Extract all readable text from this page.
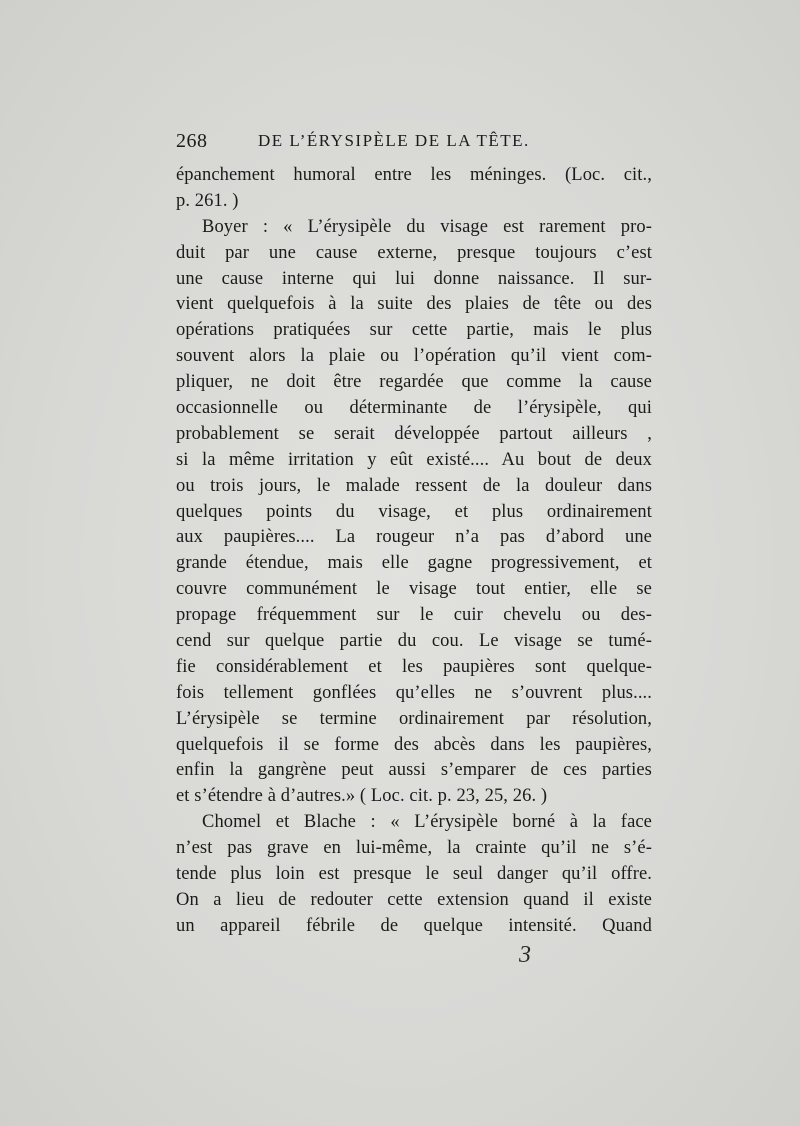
268	DE L’ÉRYSIPÈLE DE LA TÊTE.
épanchement humoral entre les méninges. (Loc. cit.,
p. 261. )
Boyer : « L’érysipèle du visage est rarement pro-
duit par une cause externe, presque toujours c’est
une cause interne qui lui donne naissance. Il sur-
vient quelquefois à la suite des plaies de tête ou des
opérations pratiquées sur cette partie, mais le plus
souvent alors la plaie ou l’opération qu’il vient com-
pliquer, ne doit être regardée que comme la cause
occasionnelle ou déterminante de l’érysipèle, qui
probablement se serait développée partout ailleurs ,
si la même irritation y eût existé.... Au bout de deux
ou trois jours, le malade ressent de la douleur dans
quelques points du visage, et plus ordinairement
aux paupières.... La rougeur n’a pas d’abord une
grande étendue, mais elle gagne progressivement, et
couvre communément le visage tout entier, elle se
propage fréquemment sur le cuir chevelu ou des-
cend sur quelque partie du cou. Le visage se tumé-
fie considérablement et les paupières sont quelque-
fois tellement gonflées qu’elles ne s’ouvrent plus....
L’érysipèle se termine ordinairement par résolution,
quelquefois il se forme des abcès dans les paupières,
enfin la gangrène peut aussi s’emparer de ces parties
et s’étendre à d’autres.» ( Loc. cit. p. 23, 25, 26. )
Chomel et Blache : « L’érysipèle borné à la face
n’est pas grave en lui-même, la crainte qu’il ne s’é-
tende plus loin est presque le seul danger qu’il offre.
On a lieu de redouter cette extension quand il existe
un appareil fébrile de quelque intensité. Quand
3
